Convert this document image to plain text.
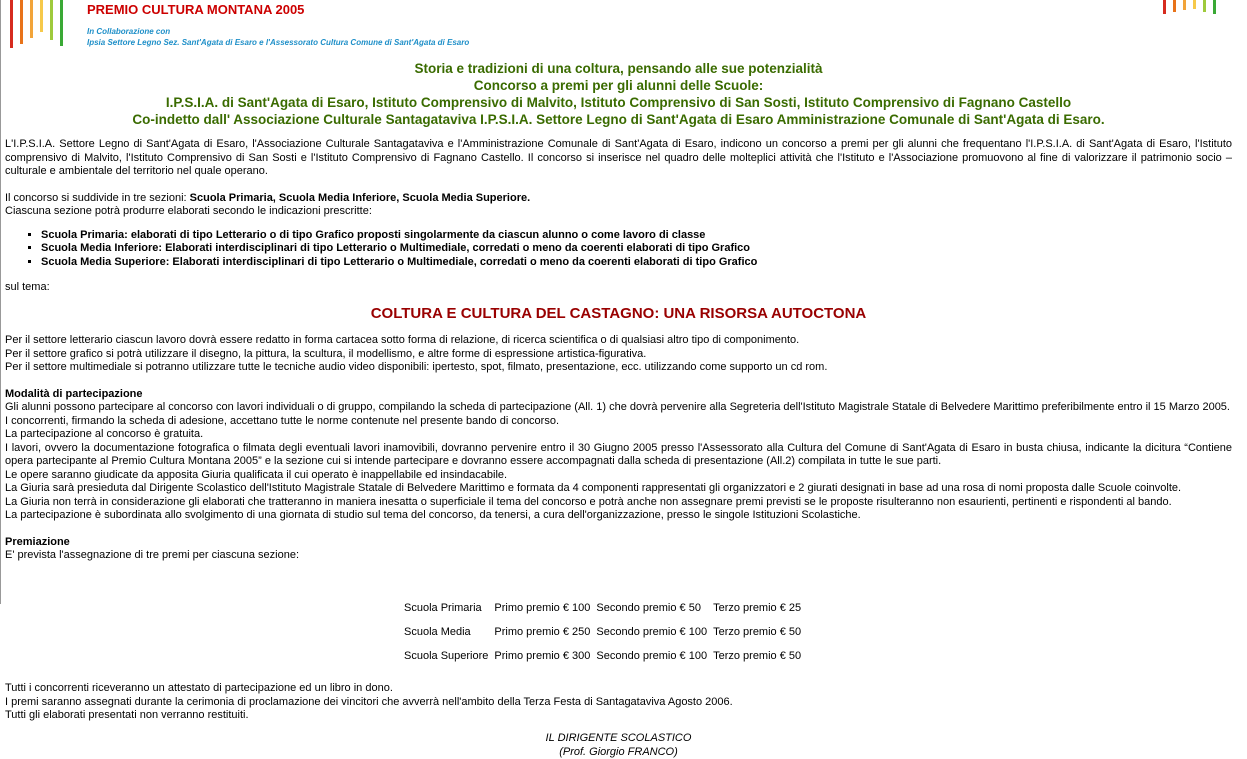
PREMIO CULTURA MONTANA 2005
In Collaborazione con
Ipsia Settore Legno Sez. Sant'Agata di Esaro e l'Assessorato Cultura Comune di Sant'Agata di Esaro
Storia e tradizioni di una coltura, pensando alle sue potenzialità
Concorso a premi per gli alunni delle Scuole:
I.P.S.I.A. di Sant'Agata di Esaro, Istituto Comprensivo di Malvito, Istituto Comprensivo di San Sosti, Istituto Comprensivo di Fagnano Castello
Co-indetto dall' Associazione Culturale Santagataviva I.P.S.I.A. Settore Legno di Sant'Agata di Esaro Amministrazione Comunale di Sant'Agata di Esaro.

L'I.P.S.I.A. Settore Legno di Sant'Agata di Esaro, l'Associazione Culturale Santagataviva e l'Amministrazione Comunale di Sant'Agata di Esaro, indicono un concorso a premi per gli alunni che frequentano l'I.P.S.I.A. di Sant'Agata di Esaro, l'Istituto comprensivo di Malvito, l'Istituto Comprensivo di San Sosti e l'Istituto Comprensivo di Fagnano Castello. Il concorso si inserisce nel quadro delle molteplici attività che l'Istituto e l'Associazione promuovono al fine di valorizzare il patrimonio socio – culturale e ambientale del territorio nel quale operano.

Il concorso si suddivide in tre sezioni: Scuola Primaria, Scuola Media Inferiore, Scuola Media Superiore.

Ciascuna sezione potrà produrre elaborati secondo le indicazioni prescritte:

▪ Scuola Primaria: elaborati di tipo Letterario o di tipo Grafico proposti singolarmente da ciascun alunno o come lavoro di classe
▪ Scuola Media Inferiore: Elaborati interdisciplinari di tipo Letterario o Multimediale, corredati o meno da coerenti elaborati di tipo Grafico
▪ Scuola Media Superiore: Elaborati interdisciplinari di tipo Letterario o Multimediale, corredati o meno da coerenti elaborati di tipo Grafico

sul tema:

COLTURA E CULTURA DEL CASTAGNO: UNA RISORSA AUTOCTONA

Per il settore letterario ciascun lavoro dovrà essere redatto in forma cartacea sotto forma di relazione, di ricerca scientifica o di qualsiasi altro tipo di componimento.

Per il settore grafico si potrà utilizzare il disegno, la pittura, la scultura, il modellismo, e altre forme di espressione artistica-figurativa.

Per il settore multimediale si potranno utilizzare tutte le tecniche audio video disponibili: ipertesto, spot, filmato, presentazione, ecc. utilizzando come supporto un cd rom.

Modalità di partecipazione

Gli alunni possono partecipare al concorso con lavori individuali o di gruppo, compilando la scheda di partecipazione (All. 1) che dovrà pervenire alla Segreteria dell'Istituto Magistrale Statale di Belvedere Marittimo preferibilmente entro il 15 Marzo 2005.

I concorrenti, firmando la scheda di adesione, accettano tutte le norme contenute nel presente bando di concorso.

La partecipazione al concorso è gratuita.

I lavori, ovvero la documentazione fotografica o filmata degli eventuali lavori inamovibili, dovranno pervenire entro il 30 Giugno 2005 presso l'Assessorato alla Cultura del Comune di Sant'Agata di Esaro in busta chiusa, indicante la dicitura “Contiene opera partecipante al Premio Cultura Montana 2005” e la sezione cui si intende partecipare e dovranno essere accompagnati dalla scheda di presentazione (All.2) compilata in tutte le sue parti.

Le opere saranno giudicate da apposita Giuria qualificata il cui operato è inappellabile ed insindacabile.

La Giuria sarà presieduta dal Dirigente Scolastico dell'Istituto Magistrale Statale di Belvedere Marittimo e formata da 4 componenti rappresentati gli organizzatori e 2 giurati designati in base ad una rosa di nomi proposta dalle Scuole coinvolte.

La Giuria non terrà in considerazione gli elaborati che tratteranno in maniera inesatta o superficiale il tema del concorso e potrà anche non assegnare premi previsti se le proposte risulteranno non esaurienti, pertinenti e rispondenti al bando.

La partecipazione è subordinata allo svolgimento di una giornata di studio sul tema del concorso, da tenersi, a cura dell'organizzazione, presso le singole Istituzioni Scolastiche.

Premiazione

E' prevista l'assegnazione di tre premi per ciascuna sezione:

Scuola Primaria	Primo premio € 100	Secondo premio € 50	Terzo premio € 25
Scuola Media	Primo premio € 250	Secondo premio € 100	Terzo premio € 50
Scuola Superiore	Primo premio € 300	Secondo premio € 100	Terzo premio € 50
Tutti i concorrenti riceveranno un attestato di partecipazione ed un libro in dono.
I premi saranno assegnati durante la cerimonia di proclamazione dei vincitori che avverrà nell'ambito della Terza Festa di Santagataviva Agosto 2006.
Tutti gli elaborati presentati non verranno restituiti.
IL DIRIGENTE SCOLASTICO
(Prof. Giorgio FRANCO)
